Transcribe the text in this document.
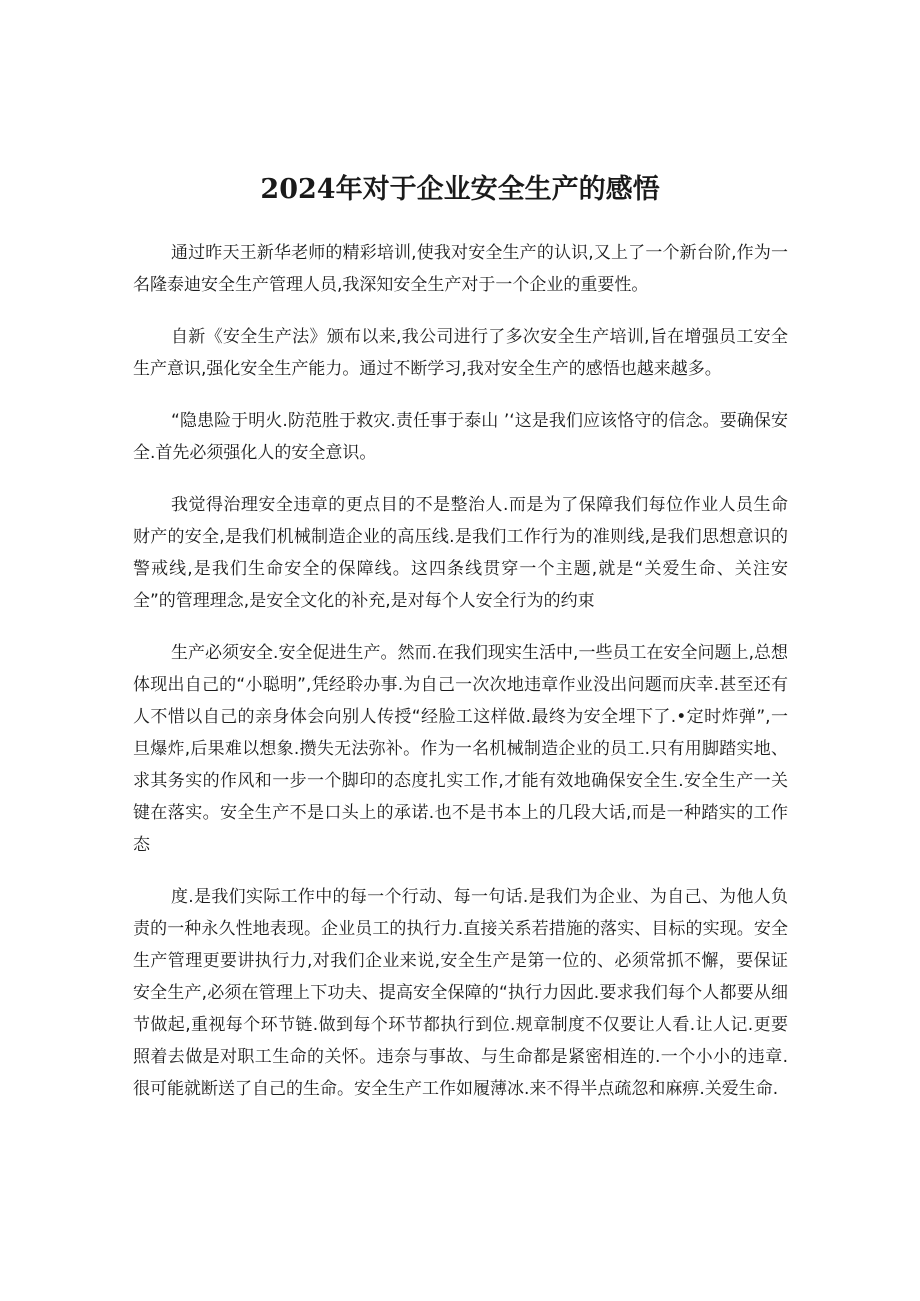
2024年对于企业安全生产的感悟

通过昨天王新华老师的精彩培训,使我对安全生产的认识,又上了一个新台阶,作为一名隆泰迪安全生产管理人员,我深知安全生产对于一个企业的重要性。

自新《安全生产法》颁布以来,我公司进行了多次安全生产培训,旨在增强员工安全生产意识,强化安全生产能力。通过不断学习,我对安全生产的感悟也越来越多。

“隐患险于明火.防范胜于救灾.责任事于泰山 ’‘这是我们应该恪守的信念。要确保安全.首先必须强化人的安全意识。

我觉得治理安全违章的更点目的不是整治人.而是为了保障我们每位作业人员生命财产的安全,是我们机械制造企业的高压线.是我们工作行为的准则线,是我们思想意识的警戒线,是我们生命安全的保障线。这四条线贯穿一个主题,就是“关爱生命、关注安全”的管理理念,是安全文化的补充,是对每个人安全行为的约束

生产必须安全.安全促进生产。然而.在我们现实生活中,一些员工在安全问题上,总想体现出自己的“小聪明”,凭经聆办事.为自己一次次地违章作业没出问题而庆幸.甚至还有人不惜以自己的亲身体会向别人传授“经脸工这样做.最终为安全埋下了.•定时炸弹”,一旦爆炸,后果难以想象.攒失无法弥补。作为一名机械制造企业的员工.只有用脚踏实地、求其务实的作风和一步一个脚印的态度扎实工作,才能有效地确保安全生.安全生产一关键在落实。安全生产不是口头上的承诺.也不是书本上的几段大话,而是一种踏实的工作态

度.是我们实际工作中的每一个行动、每一句话.是我们为企业、为自己、为他人负责的一种永久性地表现。企业员工的执行力.直接关系若措施的落实、目标的实现。安全生产管理更要讲执行力,对我们企业来说,安全生产是第一位的、必须常抓不懈，要保证安全生产,必须在管理上下功夫、提高安全保障的“执行力因此.要求我们每个人都要从细节做起,重视每个环节链.做到每个环节都执行到位.规章制度不仅要让人看.让人记.更要照着去做是对职工生命的关怀。违奈与事故、与生命都是紧密相连的.一个小小的违章.很可能就断送了自己的生命。安全生产工作如履薄冰.来不得半点疏忽和麻痹.关爱生命.
